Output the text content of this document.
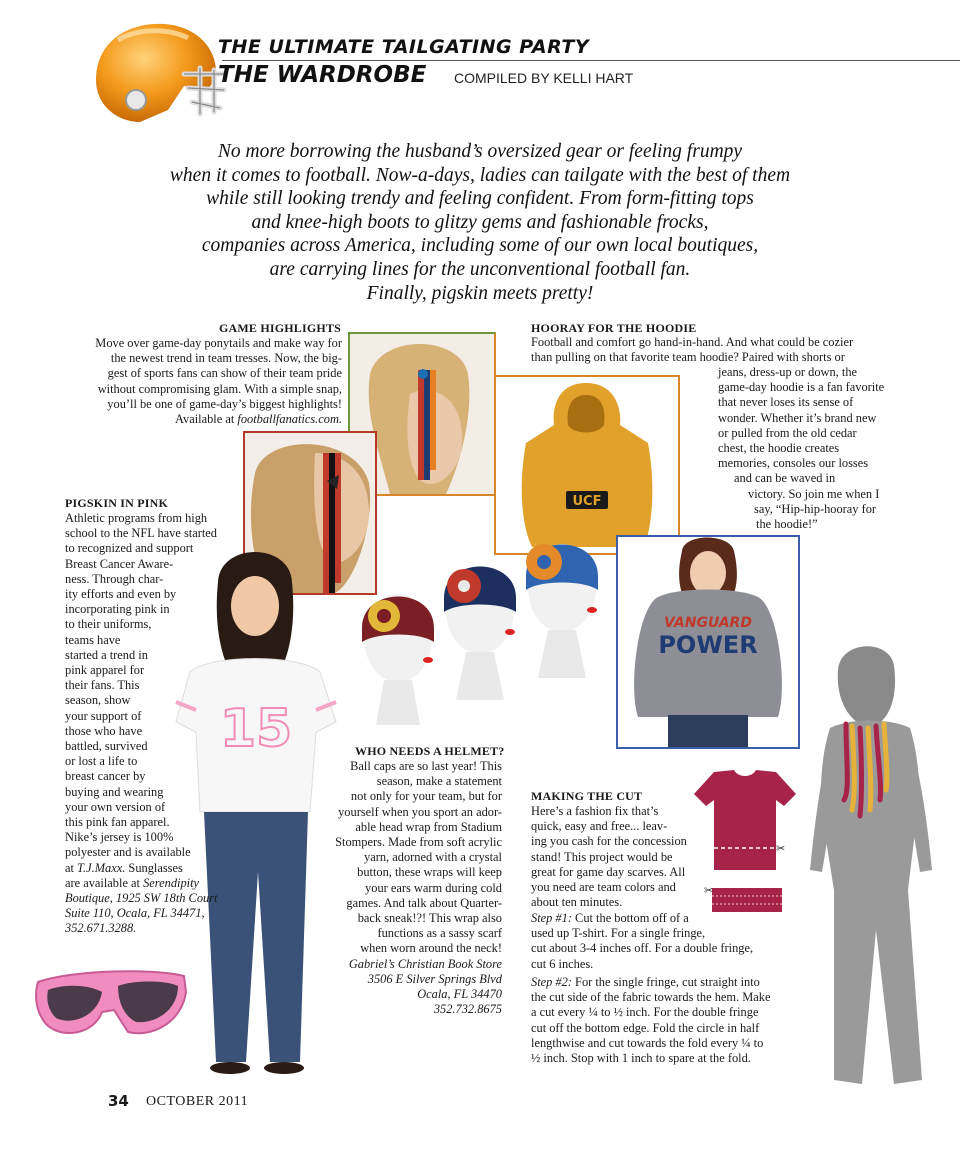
THE ULTIMATE TAILGATING PARTY
THE WARDROBE COMPILED BY KELLI HART
No more borrowing the husband’s oversized gear or feeling frumpy
when it comes to football. Now-a-days, ladies can tailgate with the best of them
while still looking trendy and feeling confident. From form-fitting tops
and knee-high boots to glitzy gems and fashionable frocks,
companies across America, including some of our own local boutiques,
are carrying lines for the unconventional football fan.
Finally, pigskin meets pretty!
UCF
VANGUARD
POWER
15
✂
✂
GAME HIGHLIGHTS
Move over game-day ponytails and make way for
the newest trend in team tresses. Now, the big-
gest of sports fans can show of their team pride
without compromising glam. With a simple snap,
you’ll be one of game-day’s biggest highlights!
Available at footballfanatics.com.
HOORAY FOR THE HOODIE
Football and comfort go hand-in-hand. And what could be cozier
than pulling on that favorite team hoodie? Paired with shorts or
jeans, dress-up or down, the
game-day hoodie is a fan favorite
that never loses its sense of
wonder. Whether it’s brand new
or pulled from the old cedar
chest, the hoodie creates
memories, consoles our losses
and can be waved in
victory. So join me when I
say, “Hip-hip-hooray for
the hoodie!”
PIGSKIN IN PINK
Athletic programs from high
school to the NFL have started
to recognized and support
Breast Cancer Aware-
ness. Through char-
ity efforts and even by
incorporating pink in
to their uniforms,
teams have
started a trend in
pink apparel for
their fans. This
season, show
your support of
those who have
battled, survived
or lost a life to
breast cancer by
buying and wearing
your own version of
this pink fan apparel.
Nike’s jersey is 100%
polyester and is available
at T.J.Maxx. Sunglasses
are available at Serendipity
Boutique, 1925 SW 18th Court
Suite 110, Ocala, FL 34471,
352.671.3288.
WHO NEEDS A HELMET?
Ball caps are so last year! This
season, make a statement
not only for your team, but for
yourself when you sport an ador-
able head wrap from Stadium
Stompers. Made from soft acrylic
yarn, adorned with a crystal
button, these wraps will keep
your ears warm during cold
games. And talk about Quarter-
back sneak!?! This wrap also
functions as a sassy scarf
when worn around the neck!
Gabriel’s Christian Book Store
3506 E Silver Springs Blvd
Ocala, FL 34470
352.732.8675
MAKING THE CUT
Here’s a fashion fix that’s
quick, easy and free... leav-
ing you cash for the concession
stand! This project would be
great for game day scarves. All
you need are team colors and
about ten minutes.
Step #1: Cut the bottom off of a
used up T-shirt. For a single fringe,
cut about 3-4 inches off. For a double fringe,
cut 6 inches.
Step #2: For the single fringe, cut straight into
the cut side of the fabric towards the hem. Make
a cut every ¼ to ½ inch. For the double fringe
cut off the bottom edge. Fold the circle in half
lengthwise and cut towards the fold every ¼ to
½ inch. Stop with 1 inch to spare at the fold.
34 OCTOBER 2011
